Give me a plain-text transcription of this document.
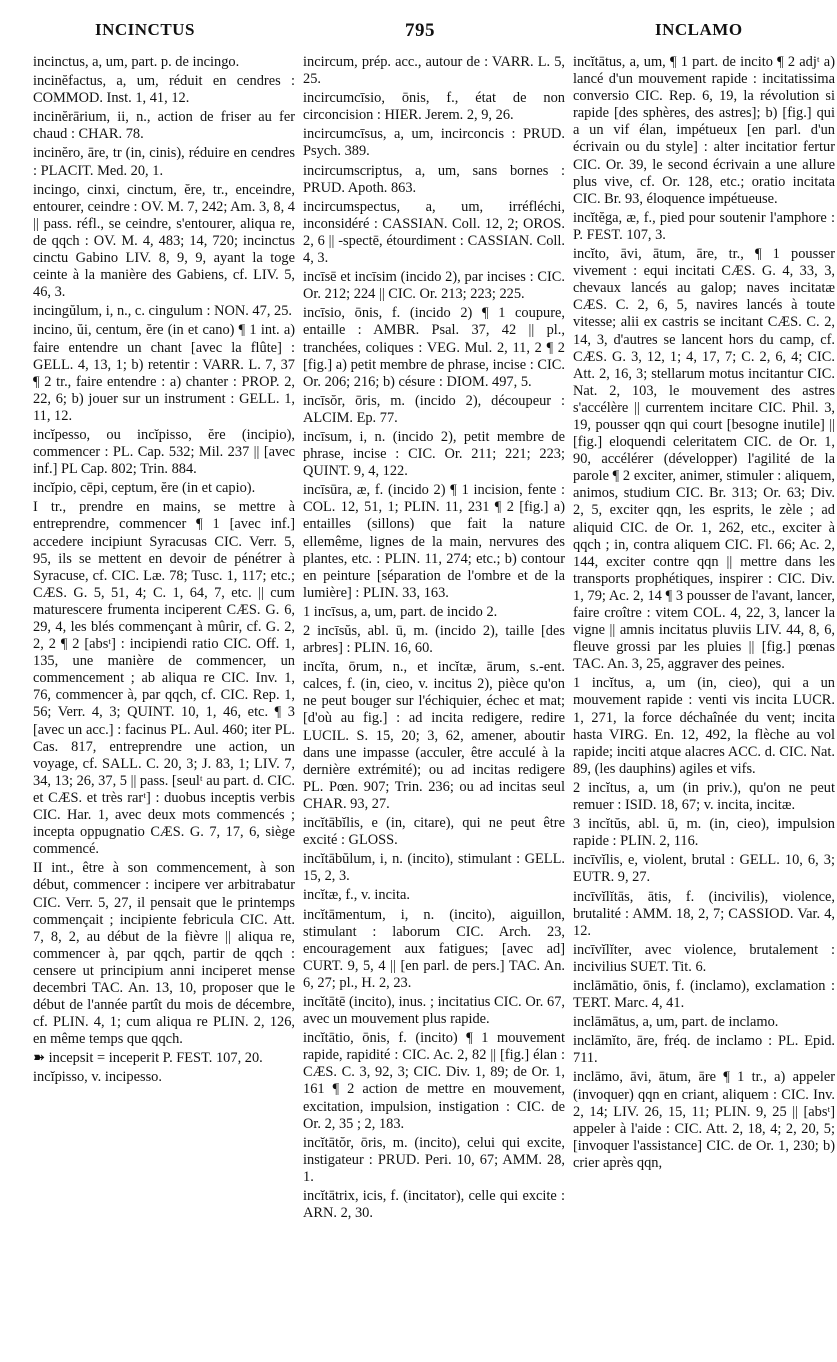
INCINCTUS	795	INCLAMO

incinctus, a, um, part. p. de incingo.

incinĕfactus, a, um, réduit en cendres : COMMOD. Inst. 1, 41, 12.

incinĕrārium, ii, n., action de friser au fer chaud : CHAR. 78.

incinĕro, āre, tr (in, cinis), réduire en cendres : PLACIT. Med. 20, 1.

incingo, cinxi, cinctum, ĕre, tr., enceindre, entourer, ceindre : OV. M. 7, 242; Am. 3, 8, 4 || pass. réfl., se ceindre, s'entourer, aliqua re, de qqch : OV. M. 4, 483; 14, 720; incinctus cinctu Gabino LIV. 8, 9, 9, ayant la toge ceinte à la manière des Gabiens, cf. LIV. 5, 46, 3.

incingŭlum, i, n., c. cingulum : NON. 47, 25.

incino, ŭi, centum, ĕre (in et cano) ¶ 1 int. a) faire entendre un chant [avec la flûte] : GELL. 4, 13, 1; b) retentir : VARR. L. 7, 37 ¶ 2 tr., faire entendre : a) chanter : PROP. 2, 22, 6; b) jouer sur un instrument : GELL. 1, 11, 12.

incĭpesso, ou incĭpisso, ĕre (incipio), commencer : PL. Cap. 532; Mil. 237 || [avec inf.] PL Cap. 802; Trin. 884.

incĭpio, cēpi, ceptum, ĕre (in et capio).

I tr., prendre en mains, se mettre à entreprendre, commencer ¶ 1 [avec inf.] accedere incipiunt Syracusas CIC. Verr. 5, 95, ils se mettent en devoir de pénétrer à Syracuse, cf. CIC. Læ. 78; Tusc. 1, 117; etc.; CÆS. G. 5, 51, 4; C. 1, 64, 7, etc. || cum maturescere frumenta inciperent CÆS. G. 6, 29, 4, les blés commençant à mûrir, cf. G. 2, 2, 2 ¶ 2 [absᵗ] : incipiendi ratio CIC. Off. 1, 135, une manière de commencer, un commencement ; ab aliqua re CIC. Inv. 1, 76, commencer à, par qqch, cf. CIC. Rep. 1, 56; Verr. 4, 3; QUINT. 10, 1, 46, etc. ¶ 3 [avec un acc.] : facinus PL. Aul. 460; iter PL. Cas. 817, entreprendre une action, un voyage, cf. SALL. C. 20, 3; J. 83, 1; LIV. 7, 34, 13; 26, 37, 5 || pass. [seulᵗ au part. d. CIC. et CÆS. et très rarᵗ] : duobus inceptis verbis CIC. Har. 1, avec deux mots commencés ; incepta oppugnatio CÆS. G. 7, 17, 6, siège commencé.

II int., être à son commencement, à son début, commencer : incipere ver arbitrabatur CIC. Verr. 5, 27, il pensait que le printemps commençait ; incipiente febricula CIC. Att. 7, 8, 2, au début de la fièvre || aliqua re, commencer à, par qqch, partir de qqch : censere ut principium anni inciperet mense decembri TAC. An. 13, 10, proposer que le début de l'année partît du mois de décembre, cf. PLIN. 4, 1; cum aliqua re PLIN. 2, 126, en même temps que qqch.

➽ incepsit = inceperit P. FEST. 107, 20.

incĭpisso, v. incipesso.

incircum, prép. acc., autour de : VARR. L. 5, 25.

incircumcīsio, ōnis, f., état de non circoncision : HIER. Jerem. 2, 9, 26.

incircumcīsus, a, um, incirconcis : PRUD. Psych. 389.

incircumscriptus, a, um, sans bornes : PRUD. Apoth. 863.

incircumspectus, a, um, irréfléchi, inconsidéré : CASSIAN. Coll. 12, 2; OROS. 2, 6 || -spectē, étourdiment : CASSIAN. Coll. 4, 3.

incīsē et incīsim (incido 2), par incises : CIC. Or. 212; 224 || CIC. Or. 213; 223; 225.

incīsio, ōnis, f. (incido 2) ¶ 1 coupure, entaille : AMBR. Psal. 37, 42 || pl., tranchées, coliques : VEG. Mul. 2, 11, 2 ¶ 2 [fig.] a) petit membre de phrase, incise : CIC. Or. 206; 216; b) césure : DIOM. 497, 5.

incīsŏr, ōris, m. (incido 2), découpeur : ALCIM. Ep. 77.

incīsum, i, n. (incido 2), petit membre de phrase, incise : CIC. Or. 211; 221; 223; QUINT. 9, 4, 122.

incīsūra, æ, f. (incido 2) ¶ 1 incision, fente : COL. 12, 51, 1; PLIN. 11, 231 ¶ 2 [fig.] a) entailles (sillons) que fait la nature ellemême, lignes de la main, nervures des plantes, etc. : PLIN. 11, 274; etc.; b) contour en peinture [séparation de l'ombre et de la lumière] : PLIN. 33, 163.

1 incīsus, a, um, part. de incido 2.

2 incīsŭs, abl. ū, m. (incido 2), taille [des arbres] : PLIN. 16, 60.

incĭta, ōrum, n., et incĭtæ, ārum, s.-ent. calces, f. (in, cieo, v. incitus 2), pièce qu'on ne peut bouger sur l'échiquier, échec et mat; [d'où au fig.] : ad incita redigere, redire LUCIL. S. 15, 20; 3, 62, amener, aboutir dans une impasse (acculer, être acculé à la dernière extrémité); ou ad incitas redigere PL. Pœn. 907; Trin. 236; ou ad incitas seul CHAR. 93, 27.

incĭtābĭlis, e (in, citare), qui ne peut être excité : GLOSS.

incĭtābŭlum, i, n. (incito), stimulant : GELL. 15, 2, 3.

incĭtæ, f., v. incita.

incĭtāmentum, i, n. (incito), aiguillon, stimulant : laborum CIC. Arch. 23, encouragement aux fatigues; [avec ad] CURT. 9, 5, 4 || [en parl. de pers.] TAC. An. 6, 27; pl., H. 2, 23.

incĭtātē (incito), inus. ; incitatius CIC. Or. 67, avec un mouvement plus rapide.

incĭtātio, ōnis, f. (incito) ¶ 1 mouvement rapide, rapidité : CIC. Ac. 2, 82 || [fig.] élan : CÆS. C. 3, 92, 3; CIC. Div. 1, 89; de Or. 1, 161 ¶ 2 action de mettre en mouvement, excitation, impulsion, instigation : CIC. de Or. 2, 35 ; 2, 183.

incĭtātŏr, ōris, m. (incito), celui qui excite, instigateur : PRUD. Peri. 10, 67; AMM. 28, 1.

incĭtātrix, icis, f. (incitator), celle qui excite : ARN. 2, 30.

incĭtātus, a, um, ¶ 1 part. de incito ¶ 2 adjᵗ a) lancé d'un mouvement rapide : incitatissima conversio CIC. Rep. 6, 19, la révolution si rapide [des sphères, des astres]; b) [fig.] qui a un vif élan, impétueux [en parl. d'un écrivain ou du style] : alter incitatior fertur CIC. Or. 39, le second écrivain a une allure plus vive, cf. Or. 128, etc.; oratio incitata CIC. Br. 93, éloquence impétueuse.

incĭtĕga, æ, f., pied pour soutenir l'amphore : P. FEST. 107, 3.

incĭto, āvi, ātum, āre, tr., ¶ 1 pousser vivement : equi incitati CÆS. G. 4, 33, 3, chevaux lancés au galop; naves incitatæ CÆS. C. 2, 6, 5, navires lancés à toute vitesse; alii ex castris se incitant CÆS. C. 2, 14, 3, d'autres se lancent hors du camp, cf. CÆS. G. 3, 12, 1; 4, 17, 7; C. 2, 6, 4; CIC. Att. 2, 16, 3; stellarum motus incitantur CIC. Nat. 2, 103, le mouvement des astres s'accélère || currentem incitare CIC. Phil. 3, 19, pousser qqn qui court [besogne inutile] || [fig.] eloquendi celeritatem CIC. de Or. 1, 90, accélérer (développer) l'agilité de la parole ¶ 2 exciter, animer, stimuler : aliquem, animos, studium CIC. Br. 313; Or. 63; Div. 2, 5, exciter qqn, les esprits, le zèle ; ad aliquid CIC. de Or. 1, 262, etc., exciter à qqch ; in, contra aliquem CIC. Fl. 66; Ac. 2, 144, exciter contre qqn || mettre dans les transports prophétiques, inspirer : CIC. Div. 1, 79; Ac. 2, 14 ¶ 3 pousser de l'avant, lancer, faire croître : vitem COL. 4, 22, 3, lancer la vigne || amnis incitatus pluviis LIV. 44, 8, 6, fleuve grossi par les pluies || [fig.] pœnas TAC. An. 3, 25, aggraver des peines.

1 incĭtus, a, um (in, cieo), qui a un mouvement rapide : venti vis incita LUCR. 1, 271, la force déchaînée du vent; incita hasta VIRG. En. 12, 492, la flèche au vol rapide; inciti atque alacres ACC. d. CIC. Nat. 89, (les dauphins) agiles et vifs.

2 incĭtus, a, um (in priv.), qu'on ne peut remuer : ISID. 18, 67; v. incita, incitæ.

3 incĭtŭs, abl. ū, m. (in, cieo), impulsion rapide : PLIN. 2, 116.

incīvĭlis, e, violent, brutal : GELL. 10, 6, 3; EUTR. 9, 27.

incīvĭlĭtās, ātis, f. (incivilis), violence, brutalité : AMM. 18, 2, 7; CASSIOD. Var. 4, 12.

incīvĭlĭter, avec violence, brutalement : incivilius SUET. Tit. 6.

inclāmātio, ōnis, f. (inclamo), exclamation : TERT. Marc. 4, 41.

inclāmātus, a, um, part. de inclamo.

inclāmĭto, āre, fréq. de inclamo : PL. Epid. 711.

inclāmo, āvi, ātum, āre ¶ 1 tr., a) appeler (invoquer) qqn en criant, aliquem : CIC. Inv. 2, 14; LIV. 26, 15, 11; PLIN. 9, 25 || [absᵗ] appeler à l'aide : CIC. Att. 2, 18, 4; 2, 20, 5; [invoquer l'assistance] CIC. de Or. 1, 230; b) crier après qqn,
